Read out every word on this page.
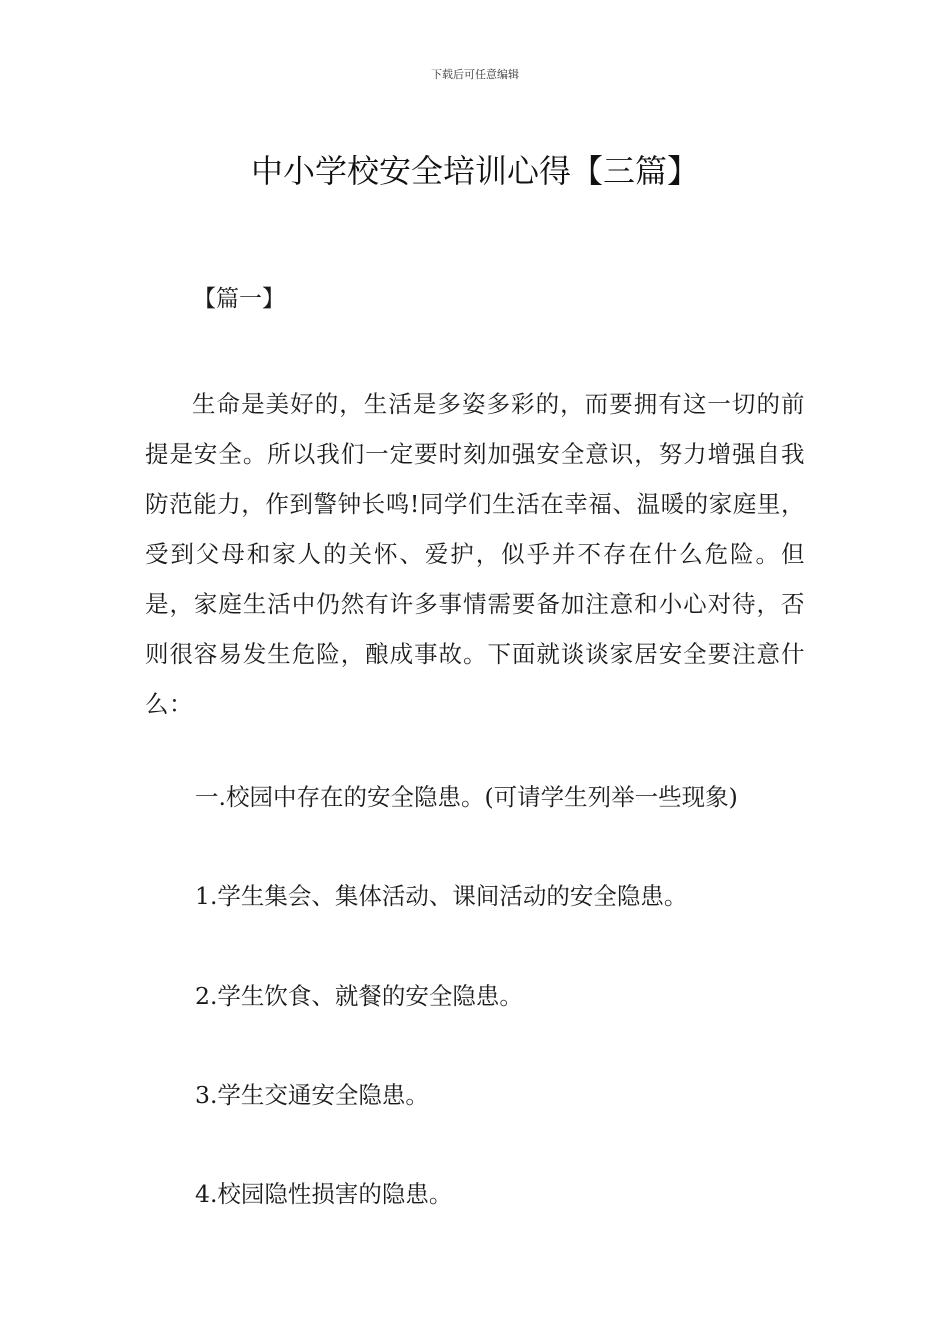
下载后可任意编辑
中小学校安全培训心得【三篇】
【篇一】

生命是美好的，生活是多姿多彩的，而要拥有这一切的前提是安全。所以我们一定要时刻加强安全意识，努力增强自我防范能力，作到警钟长鸣!同学们生活在幸福、温暖的家庭里，受到父母和家人的关怀、爱护，似乎并不存在什么危险。但是，家庭生活中仍然有许多事情需要备加注意和小心对待，否则很容易发生危险，酿成事故。下面就谈谈家居安全要注意什么：

一.校园中存在的安全隐患。(可请学生列举一些现象)
1.学生集会、集体活动、课间活动的安全隐患。
2.学生饮食、就餐的安全隐患。
3.学生交通安全隐患。
4.校园隐性损害的隐患。
